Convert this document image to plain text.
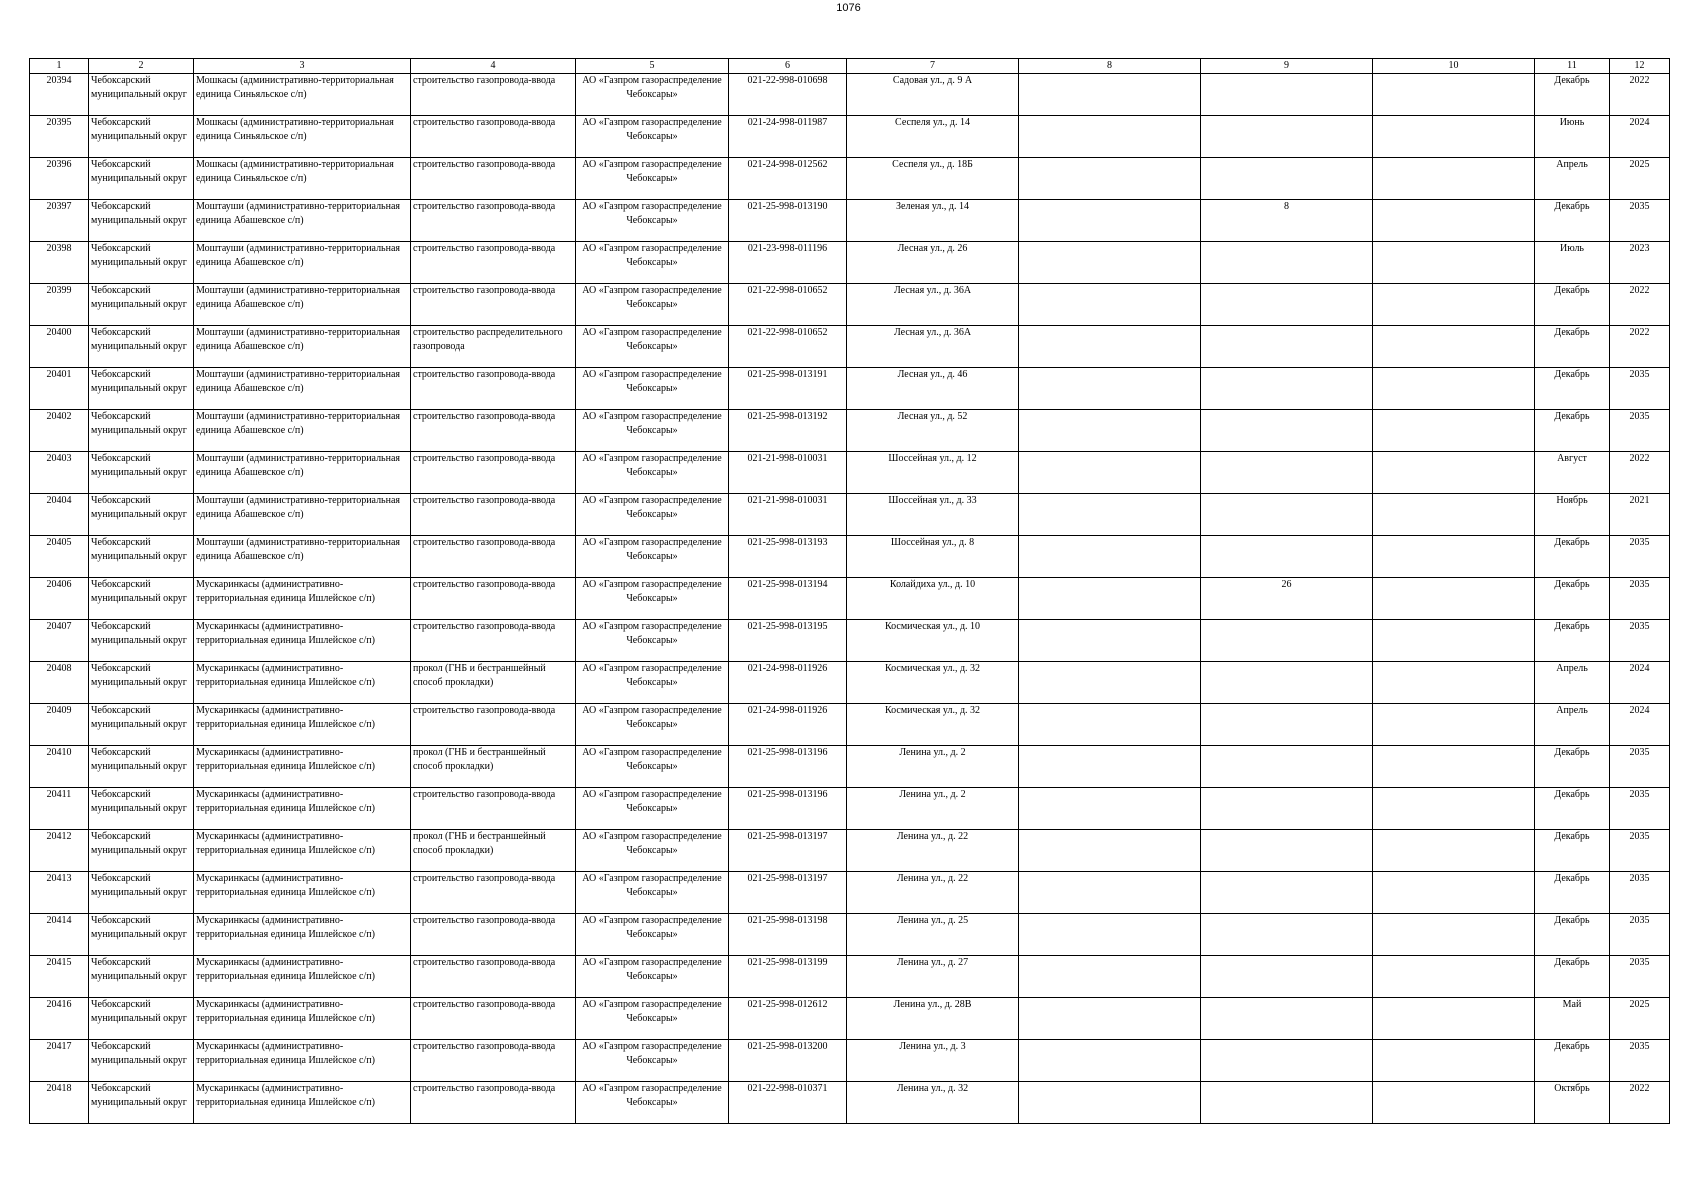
1076
1	2	3	4	5	6	7	8	9	10	11	12

20394	Чебоксарский муниципальный округ	Мошкасы (административно-территориальная единица Синьяльское с/п)	строительство газопровода-ввода	АО «Газпром газораспределение Чебоксары»	021-22-998-010698	Садовая ул., д. 9 А				Декабрь	2022

20395	Чебоксарский муниципальный округ	Мошкасы (административно-территориальная единица Синьяльское с/п)	строительство газопровода-ввода	АО «Газпром газораспределение Чебоксары»	021-24-998-011987	Сеспеля ул., д. 14				Июнь	2024

20396	Чебоксарский муниципальный округ	Мошкасы (административно-территориальная единица Синьяльское с/п)	строительство газопровода-ввода	АО «Газпром газораспределение Чебоксары»	021-24-998-012562	Сеспеля ул., д. 18Б				Апрель	2025

20397	Чебоксарский муниципальный округ	Моштауши (административно-территориальная единица Абашевское с/п)	строительство газопровода-ввода	АО «Газпром газораспределение Чебоксары»	021-25-998-013190	Зеленая ул., д. 14		8		Декабрь	2035

20398	Чебоксарский муниципальный округ	Моштауши (административно-территориальная единица Абашевское с/п)	строительство газопровода-ввода	АО «Газпром газораспределение Чебоксары»	021-23-998-011196	Лесная ул., д. 26				Июль	2023

20399	Чебоксарский муниципальный округ	Моштауши (административно-территориальная единица Абашевское с/п)	строительство газопровода-ввода	АО «Газпром газораспределение Чебоксары»	021-22-998-010652	Лесная ул., д. 36А				Декабрь	2022

20400	Чебоксарский муниципальный округ	Моштауши (административно-территориальная единица Абашевское с/п)	строительство распределительного газопровода	АО «Газпром газораспределение Чебоксары»	021-22-998-010652	Лесная ул., д. 36А				Декабрь	2022

20401	Чебоксарский муниципальный округ	Моштауши (административно-территориальная единица Абашевское с/п)	строительство газопровода-ввода	АО «Газпром газораспределение Чебоксары»	021-25-998-013191	Лесная ул., д. 46				Декабрь	2035

20402	Чебоксарский муниципальный округ	Моштауши (административно-территориальная единица Абашевское с/п)	строительство газопровода-ввода	АО «Газпром газораспределение Чебоксары»	021-25-998-013192	Лесная ул., д. 52				Декабрь	2035

20403	Чебоксарский муниципальный округ	Моштауши (административно-территориальная единица Абашевское с/п)	строительство газопровода-ввода	АО «Газпром газораспределение Чебоксары»	021-21-998-010031	Шоссейная ул., д. 12				Август	2022

20404	Чебоксарский муниципальный округ	Моштауши (административно-территориальная единица Абашевское с/п)	строительство газопровода-ввода	АО «Газпром газораспределение Чебоксары»	021-21-998-010031	Шоссейная ул., д. 33				Ноябрь	2021

20405	Чебоксарский муниципальный округ	Моштауши (административно-территориальная единица Абашевское с/п)	строительство газопровода-ввода	АО «Газпром газораспределение Чебоксары»	021-25-998-013193	Шоссейная ул., д. 8				Декабрь	2035

20406	Чебоксарский муниципальный округ	Мускаринкасы (административно-территориальная единица Ишлейское с/п)	строительство газопровода-ввода	АО «Газпром газораспределение Чебоксары»	021-25-998-013194	Колайдиха ул., д. 10		26		Декабрь	2035

20407	Чебоксарский муниципальный округ	Мускаринкасы (административно-территориальная единица Ишлейское с/п)	строительство газопровода-ввода	АО «Газпром газораспределение Чебоксары»	021-25-998-013195	Космическая ул., д. 10				Декабрь	2035

20408	Чебоксарский муниципальный округ	Мускаринкасы (административно-территориальная единица Ишлейское с/п)	прокол (ГНБ и бестраншейный способ прокладки)	АО «Газпром газораспределение Чебоксары»	021-24-998-011926	Космическая ул., д. 32				Апрель	2024

20409	Чебоксарский муниципальный округ	Мускаринкасы (административно-территориальная единица Ишлейское с/п)	строительство газопровода-ввода	АО «Газпром газораспределение Чебоксары»	021-24-998-011926	Космическая ул., д. 32				Апрель	2024

20410	Чебоксарский муниципальный округ	Мускаринкасы (административно-территориальная единица Ишлейское с/п)	прокол (ГНБ и бестраншейный способ прокладки)	АО «Газпром газораспределение Чебоксары»	021-25-998-013196	Ленина ул., д. 2				Декабрь	2035

20411	Чебоксарский муниципальный округ	Мускаринкасы (административно-территориальная единица Ишлейское с/п)	строительство газопровода-ввода	АО «Газпром газораспределение Чебоксары»	021-25-998-013196	Ленина ул., д. 2				Декабрь	2035

20412	Чебоксарский муниципальный округ	Мускаринкасы (административно-территориальная единица Ишлейское с/п)	прокол (ГНБ и бестраншейный способ прокладки)	АО «Газпром газораспределение Чебоксары»	021-25-998-013197	Ленина ул., д. 22				Декабрь	2035

20413	Чебоксарский муниципальный округ	Мускаринкасы (административно-территориальная единица Ишлейское с/п)	строительство газопровода-ввода	АО «Газпром газораспределение Чебоксары»	021-25-998-013197	Ленина ул., д. 22				Декабрь	2035

20414	Чебоксарский муниципальный округ	Мускаринкасы (административно-территориальная единица Ишлейское с/п)	строительство газопровода-ввода	АО «Газпром газораспределение Чебоксары»	021-25-998-013198	Ленина ул., д. 25				Декабрь	2035

20415	Чебоксарский муниципальный округ	Мускаринкасы (административно-территориальная единица Ишлейское с/п)	строительство газопровода-ввода	АО «Газпром газораспределение Чебоксары»	021-25-998-013199	Ленина ул., д. 27				Декабрь	2035

20416	Чебоксарский муниципальный округ	Мускаринкасы (административно-территориальная единица Ишлейское с/п)	строительство газопровода-ввода	АО «Газпром газораспределение Чебоксары»	021-25-998-012612	Ленина ул., д. 28В				Май	2025

20417	Чебоксарский муниципальный округ	Мускаринкасы (административно-территориальная единица Ишлейское с/п)	строительство газопровода-ввода	АО «Газпром газораспределение Чебоксары»	021-25-998-013200	Ленина ул., д. 3				Декабрь	2035

20418	Чебоксарский муниципальный округ	Мускаринкасы (административно-территориальная единица Ишлейское с/п)	строительство газопровода-ввода	АО «Газпром газораспределение Чебоксары»	021-22-998-010371	Ленина ул., д. 32				Октябрь	2022
